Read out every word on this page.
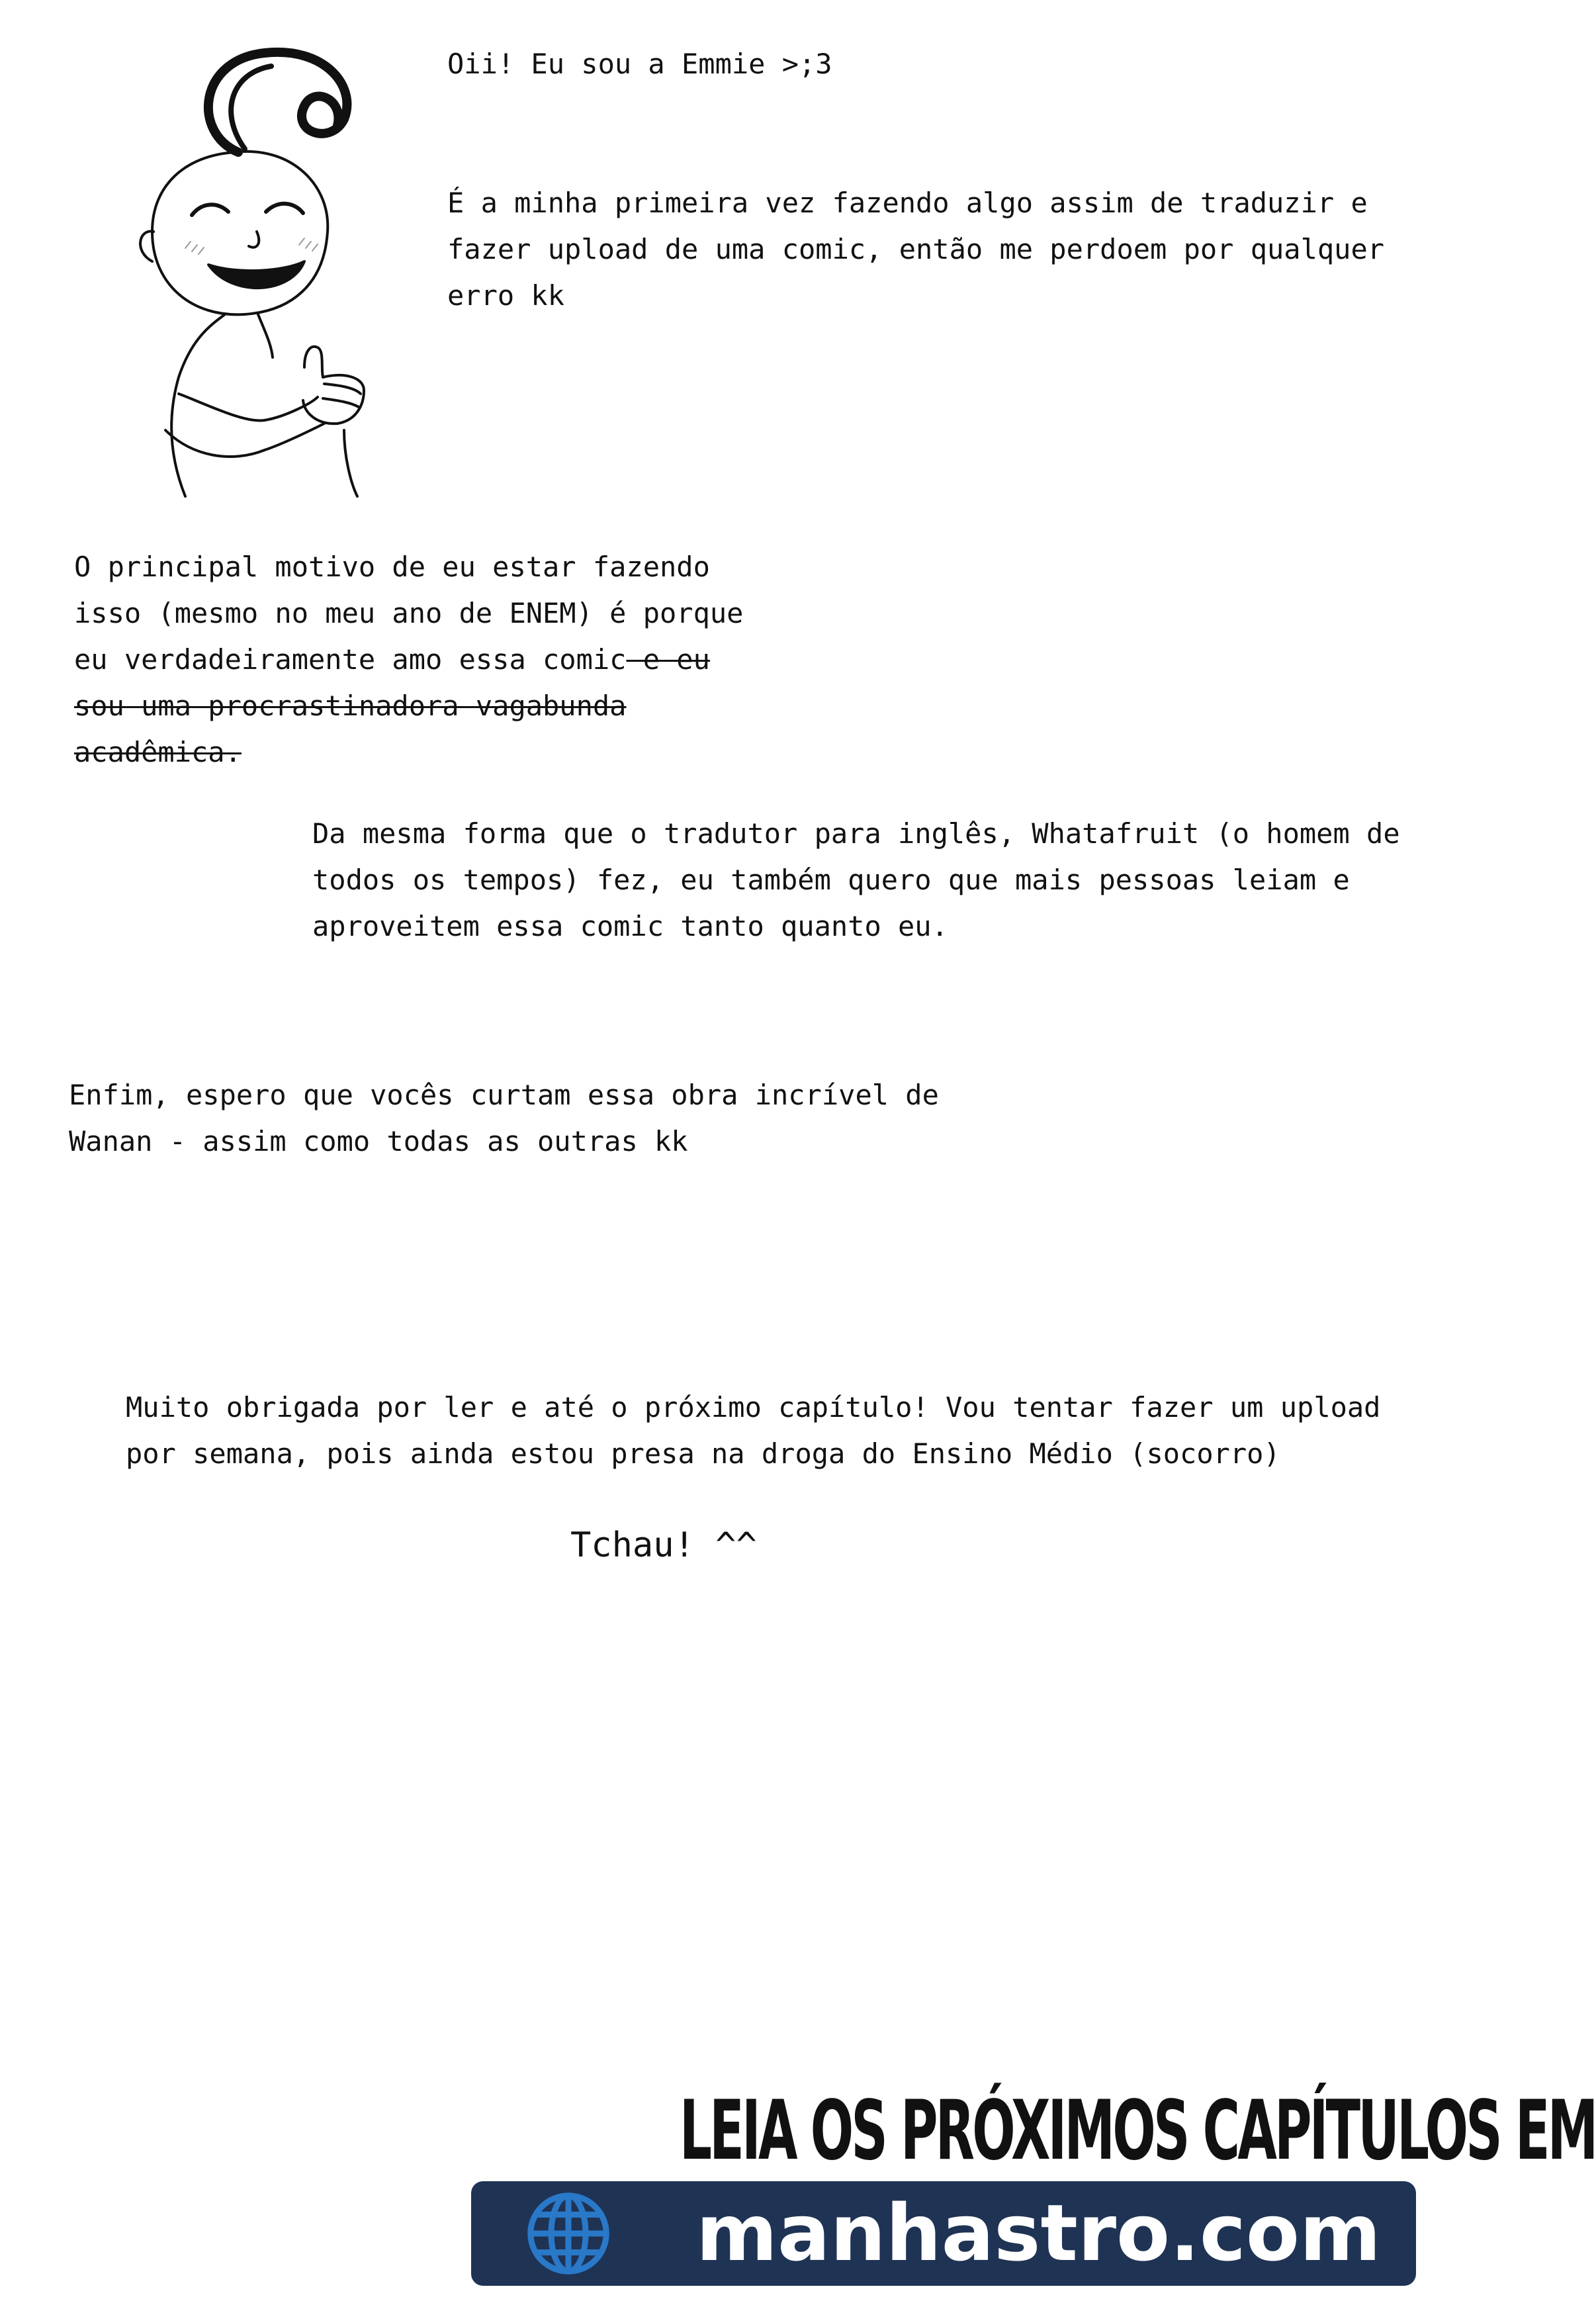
Oii! Eu sou a Emmie >;3

É a minha primeira vez fazendo algo assim de traduzir e
fazer upload de uma comic, então me perdoem por qualquer
erro kk

O principal motivo de eu estar fazendo
isso (mesmo no meu ano de ENEM) é porque
eu verdadeiramente amo essa comic e eu
sou uma procrastinadora vagabunda
acadêmica.

Da mesma forma que o tradutor para inglês, Whatafruit (o homem de
todos os tempos) fez, eu também quero que mais pessoas leiam e
aproveitem essa comic tanto quanto eu.

Enfim, espero que vocês curtam essa obra incrível de
Wanan - assim como todas as outras kk

Muito obrigada por ler e até o próximo capítulo! Vou tentar fazer um upload
por semana, pois ainda estou presa na droga do Ensino Médio (socorro)

Tchau! ^^
LEIA OS PRÓXIMOS CAPÍTULOS EM
manhastro.com
